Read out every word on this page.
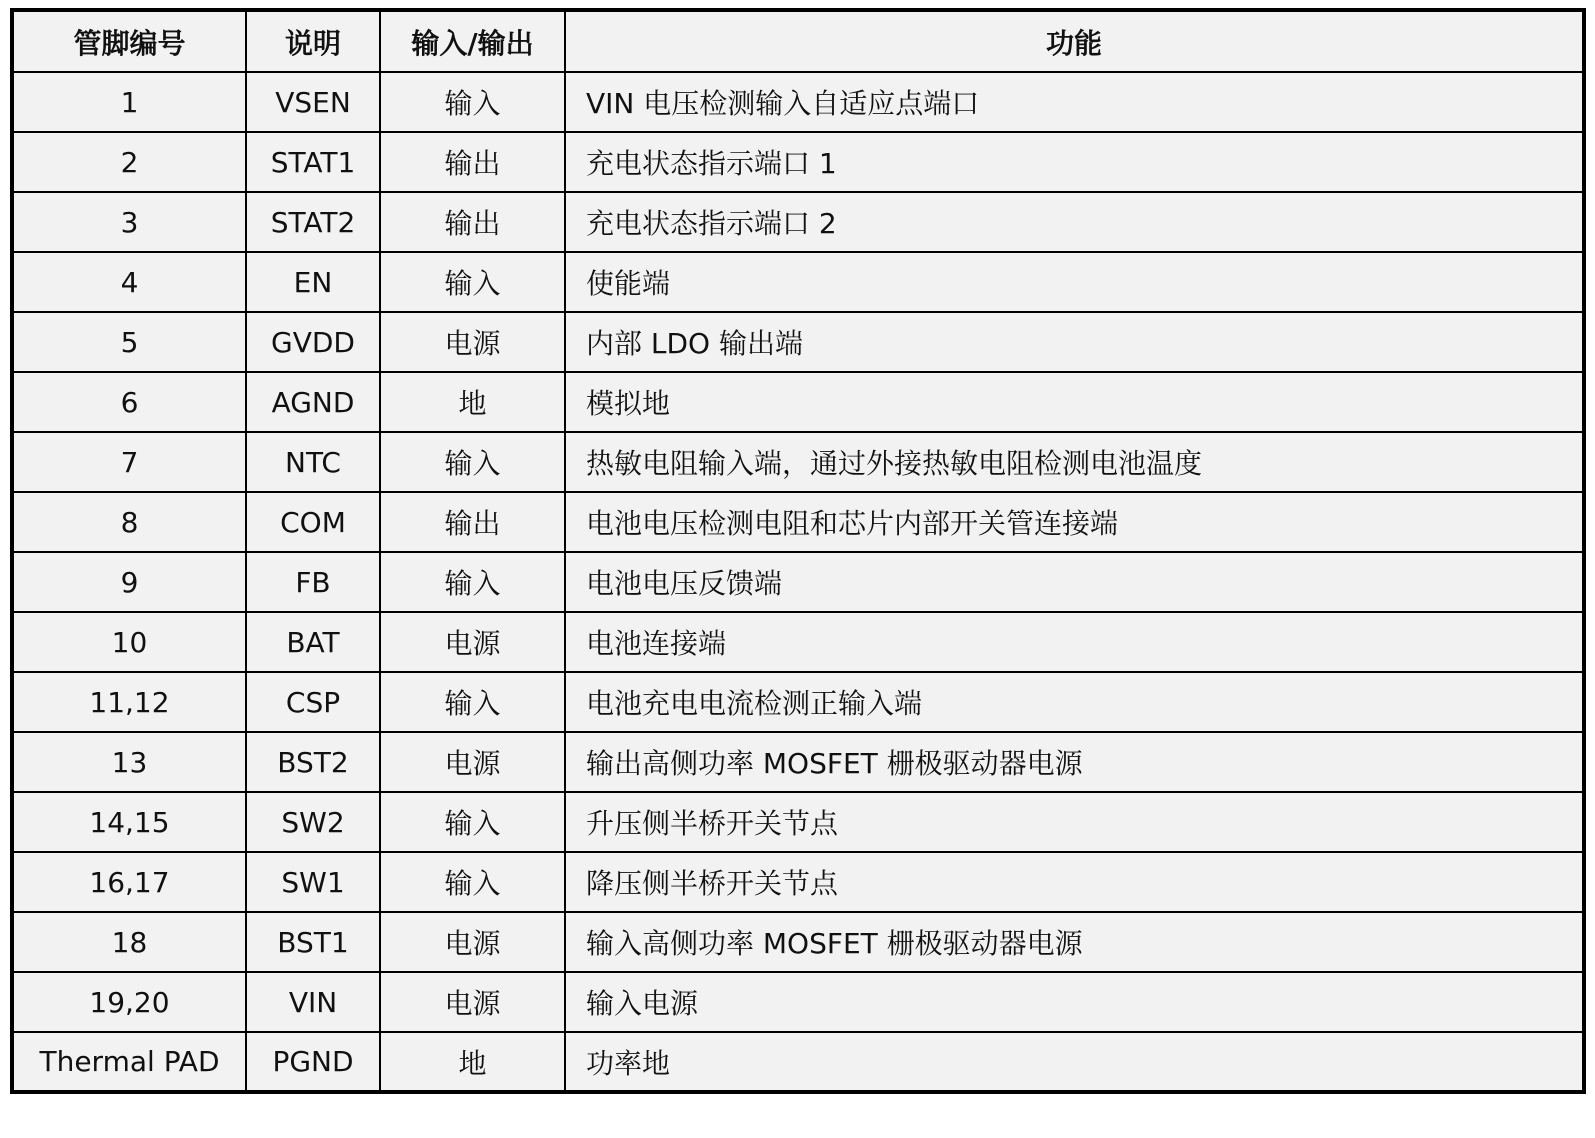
管脚编号	说明	输入/输出	功能
1	VSEN	输入	VIN 电压检测输入自适应点端口
2	STAT1	输出	充电状态指示端口 1
3	STAT2	输出	充电状态指示端口 2
4	EN	输入	使能端
5	GVDD	电源	内部 LDO 输出端
6	AGND	地	模拟地
7	NTC	输入	热敏电阻输入端，通过外接热敏电阻检测电池温度
8	COM	输出	电池电压检测电阻和芯片内部开关管连接端
9	FB	输入	电池电压反馈端
10	BAT	电源	电池连接端
11,12	CSP	输入	电池充电电流检测正输入端
13	BST2	电源	输出高侧功率 MOSFET 栅极驱动器电源
14,15	SW2	输入	升压侧半桥开关节点
16,17	SW1	输入	降压侧半桥开关节点
18	BST1	电源	输入高侧功率 MOSFET 栅极驱动器电源
19,20	VIN	电源	输入电源
Thermal PAD	PGND	地	功率地
